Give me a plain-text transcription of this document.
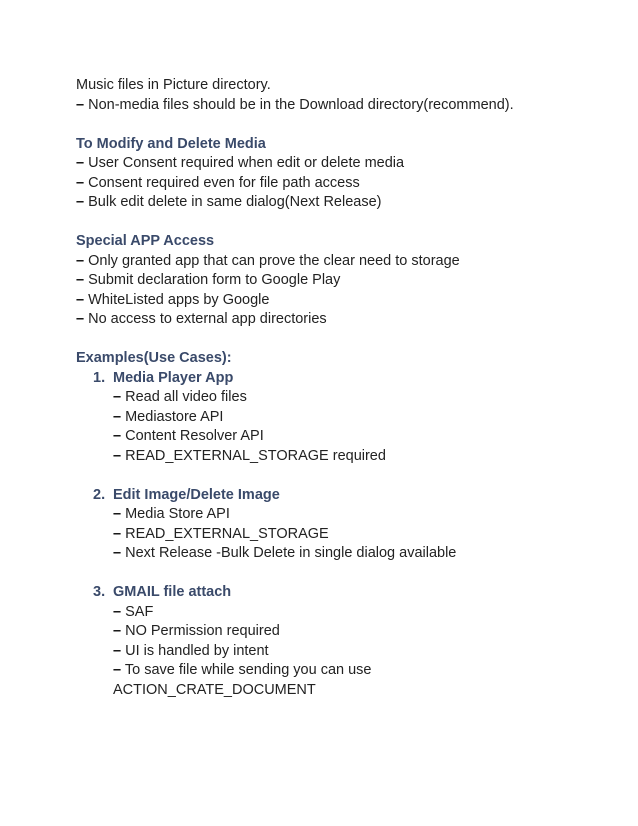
Music files in Picture directory.
– Non-media files should be in the Download directory(recommend).
To Modify and Delete Media
– User Consent required when edit or delete media
– Consent required even for file path access
– Bulk edit delete in same dialog(Next Release)
Special APP Access
– Only granted app that can prove the clear need to storage
– Submit declaration form to Google Play
– WhiteListed apps by Google
– No access to external app directories
Examples(Use Cases):
1. Media Player App
– Read all video files
– Mediastore API
– Content Resolver API
– READ_EXTERNAL_STORAGE required
2. Edit Image/Delete Image
– Media Store API
– READ_EXTERNAL_STORAGE
– Next Release -Bulk Delete in single dialog available
3. GMAIL file attach
– SAF
– NO Permission required
– UI is handled by intent
– To save file while sending you can use
ACTION_CRATE_DOCUMENT
